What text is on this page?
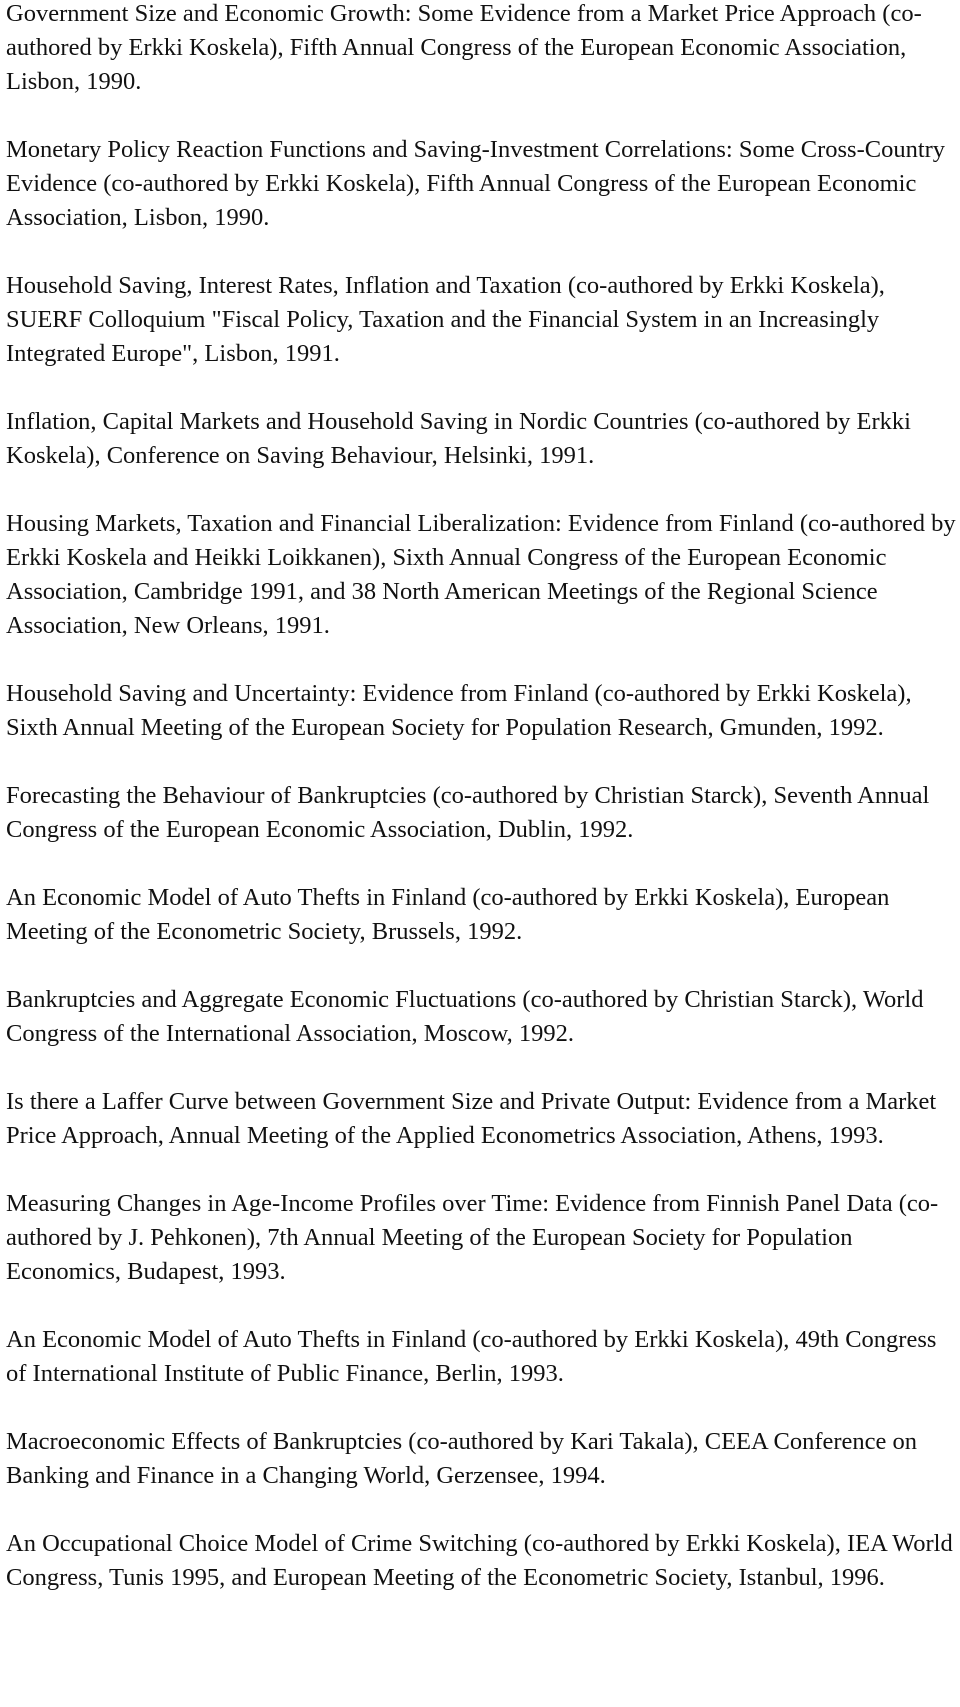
Government Size and Economic Growth: Some Evidence from a Market Price Approach (co-authored by Erkki Koskela), Fifth Annual Congress of the European Economic Association, Lisbon, 1990.

Monetary Policy Reaction Functions and Saving-Investment Correlations: Some Cross-Country Evidence (co-authored by Erkki Koskela), Fifth Annual Congress of the European Economic Association, Lisbon, 1990.

Household Saving, Interest Rates, Inflation and Taxation (co-authored by Erkki Koskela), SUERF Colloquium "Fiscal Policy, Taxation and the Financial System in an Increasingly Integrated Europe", Lisbon, 1991.

Inflation, Capital Markets and Household Saving in Nordic Countries (co-authored by Erkki Koskela), Conference on Saving Behaviour, Helsinki, 1991.

Housing Markets, Taxation and Financial Liberalization: Evidence from Finland (co-authored by Erkki Koskela and Heikki Loikkanen), Sixth Annual Congress of the European Economic Association, Cambridge 1991, and 38 North American Meetings of the Regional Science Association, New Orleans, 1991.

Household Saving and Uncertainty: Evidence from Finland (co-authored by Erkki Koskela), Sixth Annual Meeting of the European Society for Population Research, Gmunden, 1992.

Forecasting the Behaviour of Bankruptcies (co-authored by Christian Starck), Seventh Annual Congress of the European Economic Association, Dublin, 1992.

An Economic Model of Auto Thefts in Finland (co-authored by Erkki Koskela), European Meeting of the Econometric Society, Brussels, 1992.

Bankruptcies and Aggregate Economic Fluctuations (co-authored by Christian Starck), World Congress of the International Association, Moscow, 1992.

Is there a Laffer Curve between Government Size and Private Output: Evidence from a Market Price Approach, Annual Meeting of the Applied Econometrics Association, Athens, 1993.

Measuring Changes in Age-Income Profiles over Time: Evidence from Finnish Panel Data (co-authored by J. Pehkonen), 7th Annual Meeting of the European Society for Population Economics, Budapest, 1993.

An Economic Model of Auto Thefts in Finland (co-authored by Erkki Koskela), 49th Congress of International Institute of Public Finance, Berlin, 1993.

Macroeconomic Effects of Bankruptcies (co-authored by Kari Takala), CEEA Conference on Banking and Finance in a Changing World, Gerzensee, 1994.

An Occupational Choice Model of Crime Switching (co-authored by Erkki Koskela), IEA World Congress, Tunis 1995, and European Meeting of the Econometric Society, Istanbul, 1996.
